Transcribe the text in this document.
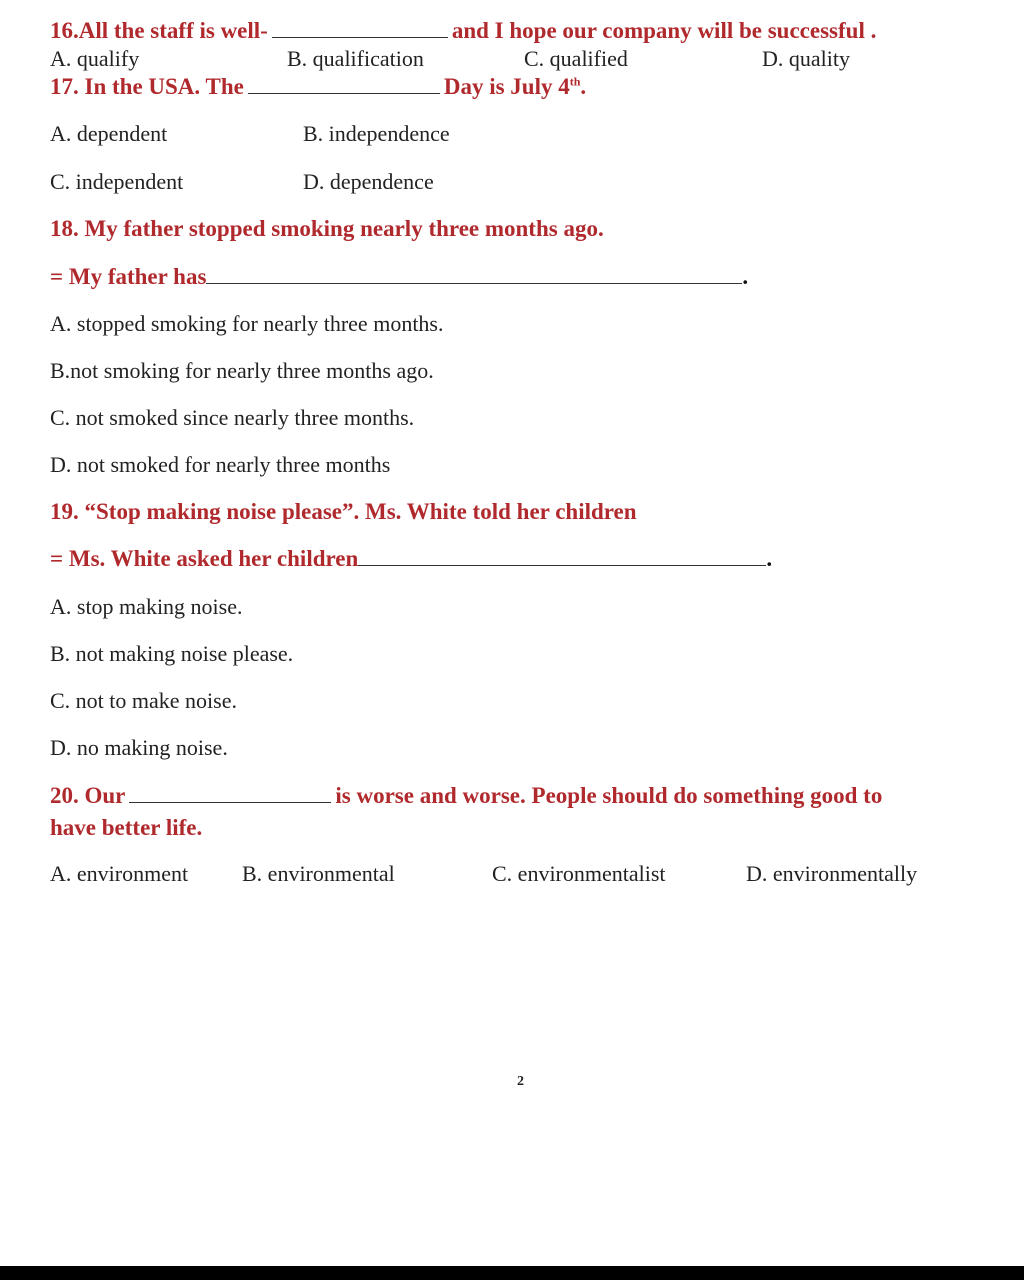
16.All the staff is well-	and I hope our company will be successful .
A. qualify	B. qualification	C. qualified	D. quality
17. In the USA. The	Day is July 4th.
A. dependent	B. independence
C. independent	D. dependence
18. My father stopped smoking nearly three months ago.
= My father has	.
A. stopped smoking for nearly three months.
B.not smoking for nearly three months ago.
C. not smoked since nearly three months.
D. not smoked for nearly three months
19. “Stop making noise please”. Ms. White told her children
= Ms. White asked her children	.
A. stop making noise.
B. not making noise please.
C. not to make noise.
D. no making noise.
20. Our	is worse and worse. People should do something good to
have better life.
A. environment B. environmental	C. environmentalist	D. environmentally
2
